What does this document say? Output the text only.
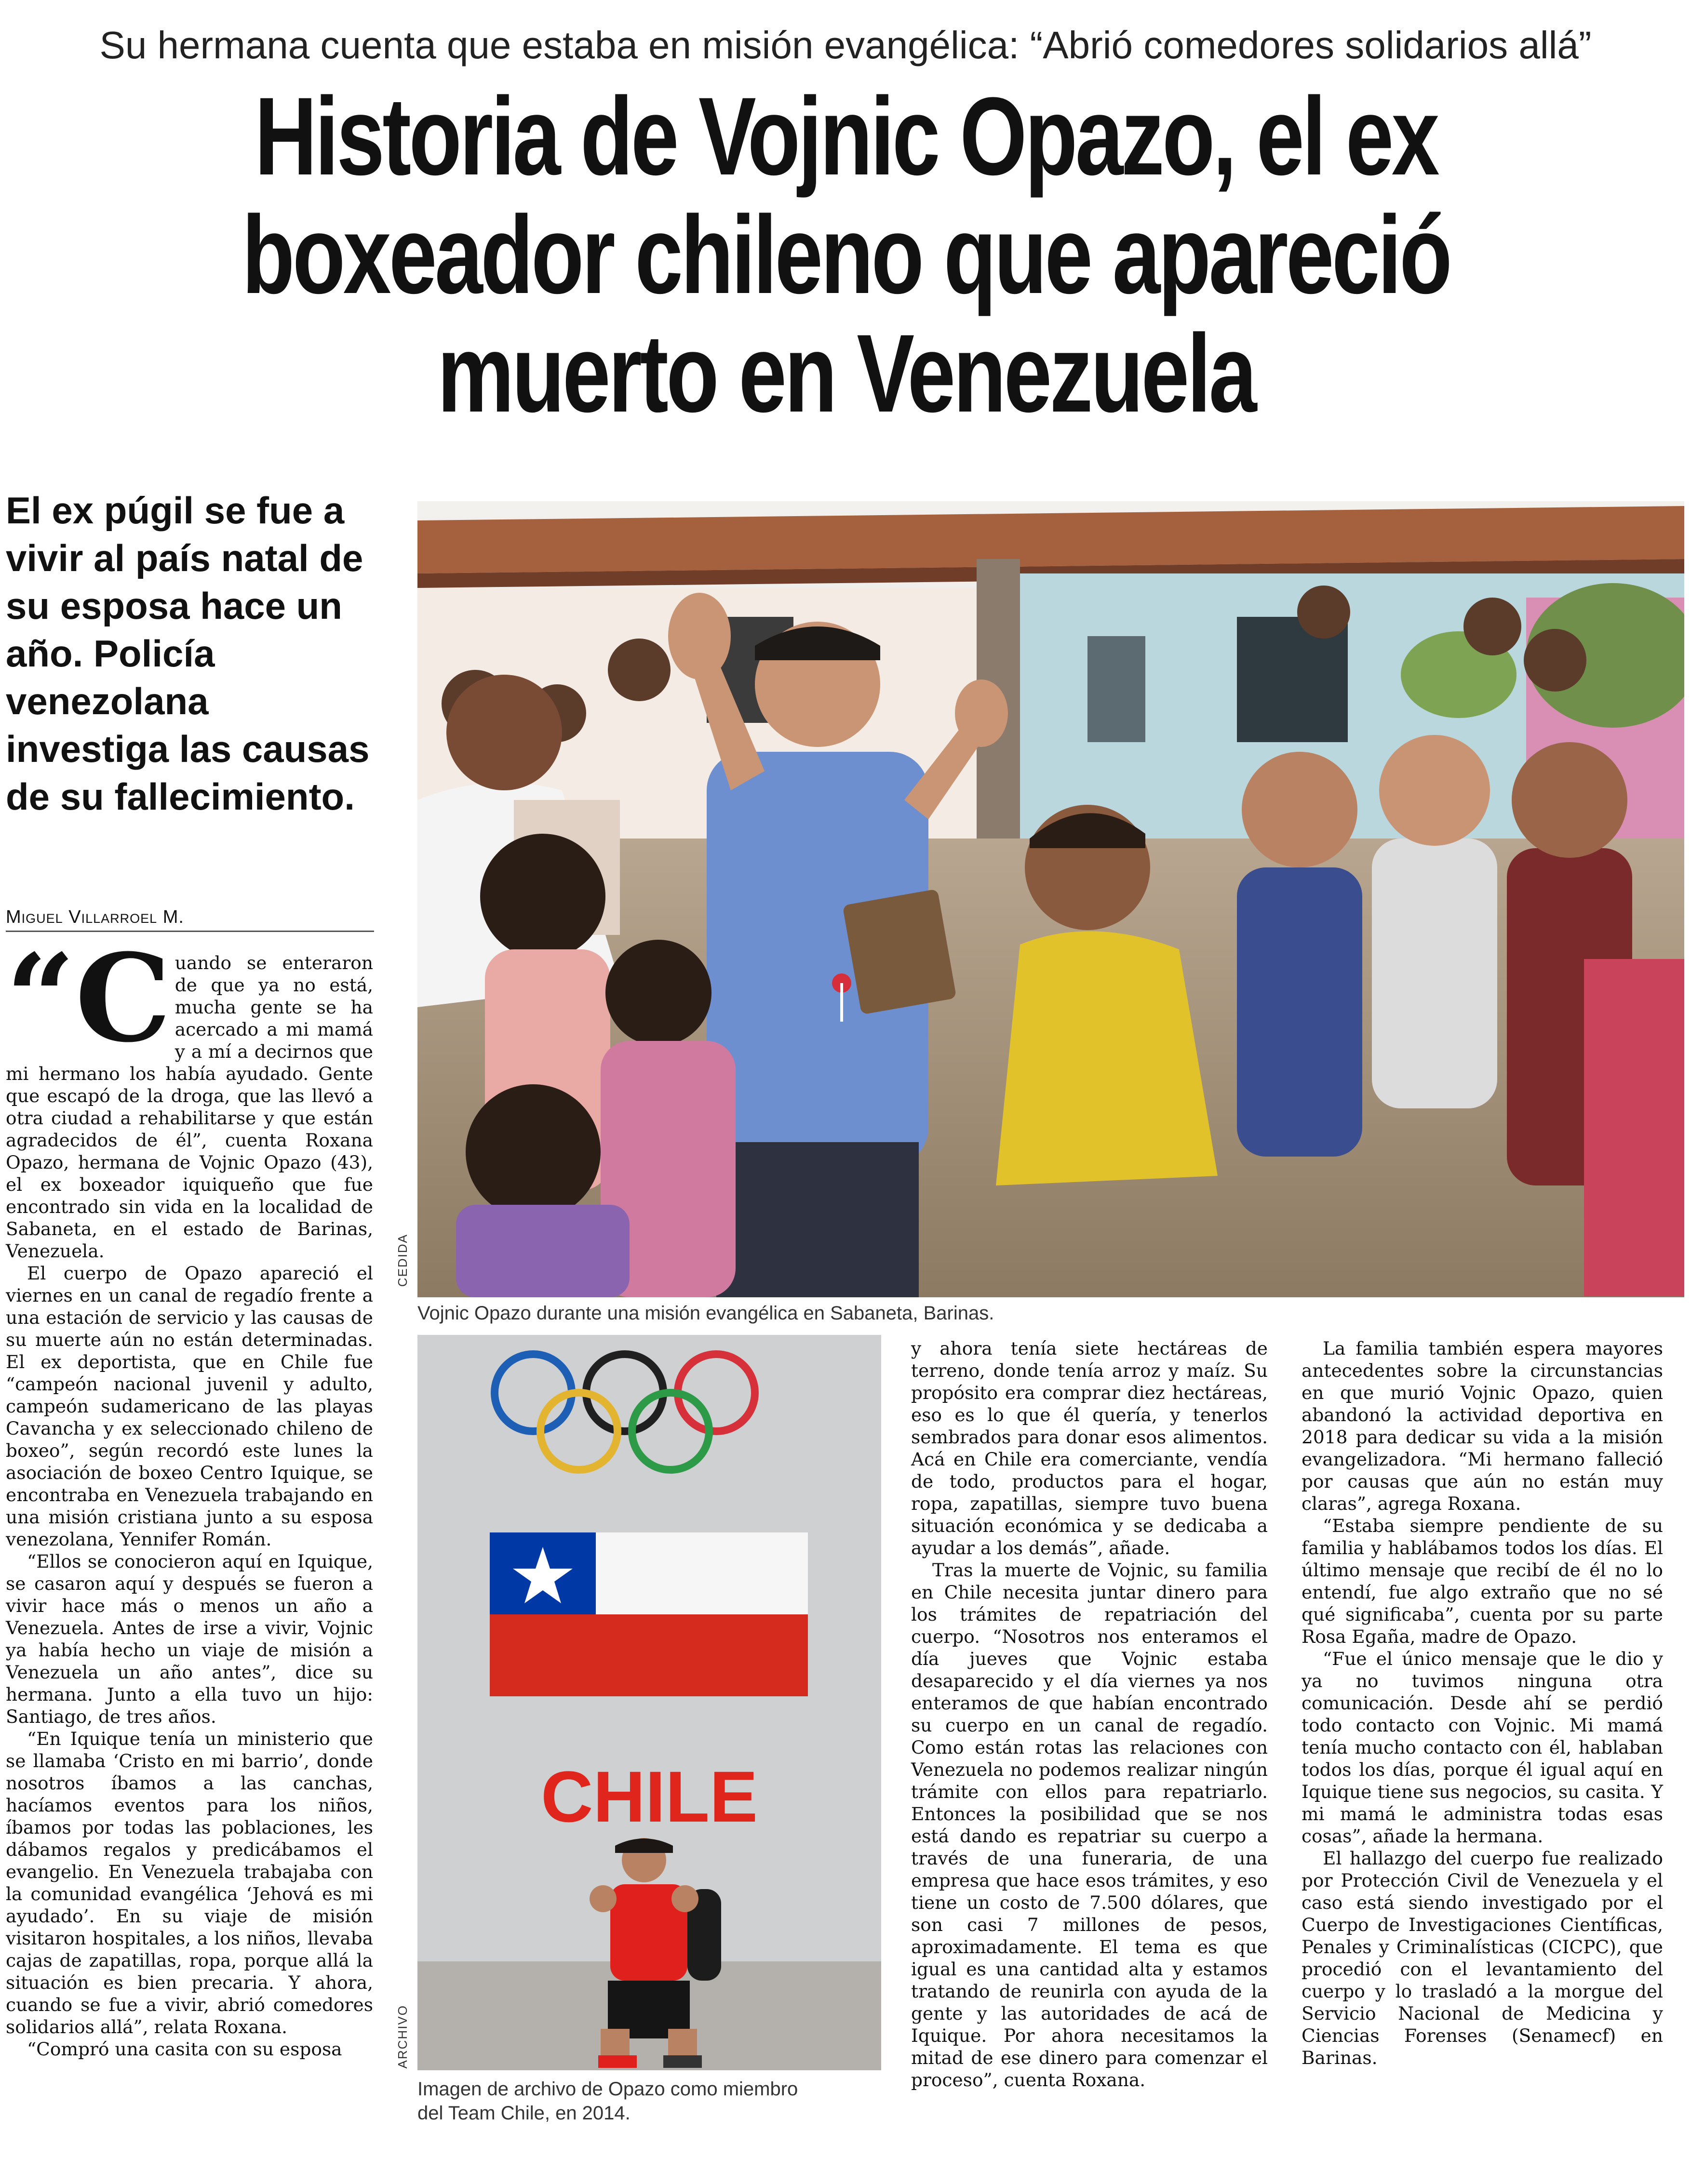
Su hermana cuenta que estaba en misión evangélica: “Abrió comedores solidarios allá”
Historia de Vojnic Opazo, el ex
boxeador chileno que apareció
muerto en Venezuela
El ex púgil se fue a vivir al país natal de su esposa hace un año. Policía venezolana investiga las causas de su fallecimiento.
Miguel Villarroel M.
“C uando se enteraron de que ya no está, mucha gente se ha acercado a mi mamá y a mí a decirnos que mi hermano los había ayudado. Gente que escapó de la droga, que las llevó a otra ciudad a rehabilitarse y que están agradecidos de él”, cuenta Roxana Opazo, hermana de Vojnic Opazo (43), el ex boxeador iquiqueño que fue encontrado sin vida en la localidad de Sabaneta, en el estado de Barinas, Venezuela.

El cuerpo de Opazo apareció el viernes en un canal de regadío frente a una estación de servicio y las causas de su muerte aún no están determinadas. El ex deportista, que en Chile fue “campeón nacional juvenil y adulto, campeón sudamericano de las playas Cavancha y ex seleccionado chileno de boxeo”, según recordó este lunes la asociación de boxeo Centro Iquique, se encontraba en Venezuela trabajando en una misión cristiana junto a su esposa venezolana, Yennifer Román.

“Ellos se conocieron aquí en Iquique, se casaron aquí y después se fueron a vivir hace más o menos un año a Venezuela. Antes de irse a vivir, Vojnic ya había hecho un viaje de misión a Venezuela un año antes”, dice su hermana. Junto a ella tuvo un hijo: Santiago, de tres años.

“En Iquique tenía un ministerio que se llamaba ‘Cristo en mi barrio’, donde nosotros íbamos a las canchas, hacíamos eventos para los niños, íbamos por todas las poblaciones, les dábamos regalos y predicábamos el evangelio. En Venezuela trabajaba con la comunidad evangélica ‘Jehová es mi ayudado’. En su viaje de misión visitaron hospitales, a los niños, llevaba cajas de zapatillas, ropa, porque allá la situación es bien precaria. Y ahora, cuando se fue a vivir, abrió comedores solidarios allá”, relata Roxana.

“Compró una casita con su esposa

CEDIDA
Vojnic Opazo durante una misión evangélica en Sabaneta, Barinas.
ARCHIVO
CHILE
Imagen de archivo de Opazo como miembro
del Team Chile, en 2014.

y ahora tenía siete hectáreas de terreno, donde tenía arroz y maíz. Su propósito era comprar diez hectáreas, eso es lo que él quería, y tenerlos sembrados para donar esos alimentos. Acá en Chile era comerciante, vendía de todo, productos para el hogar, ropa, zapatillas, siempre tuvo buena situación económica y se dedicaba a ayudar a los demás”, añade.

Tras la muerte de Vojnic, su familia en Chile necesita juntar dinero para los trámites de repatriación del cuerpo. “Nosotros nos enteramos el día jueves que Vojnic estaba desaparecido y el día viernes ya nos enteramos de que habían encontrado su cuerpo en un canal de regadío. Como están rotas las relaciones con Venezuela no podemos realizar ningún trámite con ellos para repatriarlo. Entonces la posibilidad que se nos está dando es repatriar su cuerpo a través de una funeraria, de una empresa que hace esos trámites, y eso tiene un costo de 7.500 dólares, que son casi 7 millones de pesos, aproximadamente. El tema es que igual es una cantidad alta y estamos tratando de reunirla con ayuda de la gente y las autoridades de acá de Iquique. Por ahora necesitamos la mitad de ese dinero para comenzar el proceso”, cuenta Roxana.

La familia también espera mayores antecedentes sobre la circunstancias en que murió Vojnic Opazo, quien abandonó la actividad deportiva en 2018 para dedicar su vida a la misión evangelizadora. “Mi hermano falleció por causas que aún no están muy claras”, agrega Roxana.

“Estaba siempre pendiente de su familia y hablábamos todos los días. El último mensaje que recibí de él no lo entendí, fue algo extraño que no sé qué significaba”, cuenta por su parte Rosa Egaña, madre de Opazo.

“Fue el único mensaje que le dio y ya no tuvimos ninguna otra comunicación. Desde ahí se perdió todo contacto con Vojnic. Mi mamá tenía mucho contacto con él, hablaban todos los días, porque él igual aquí en Iquique tiene sus negocios, su casita. Y mi mamá le administra todas esas cosas”, añade la hermana.

El hallazgo del cuerpo fue realizado por Protección Civil de Venezuela y el caso está siendo investigado por el Cuerpo de Investigaciones Científicas, Penales y Criminalísticas (CICPC), que procedió con el levantamiento del cuerpo y lo trasladó a la morgue del Servicio Nacional de Medicina y Ciencias Forenses (Senamecf) en Barinas.
